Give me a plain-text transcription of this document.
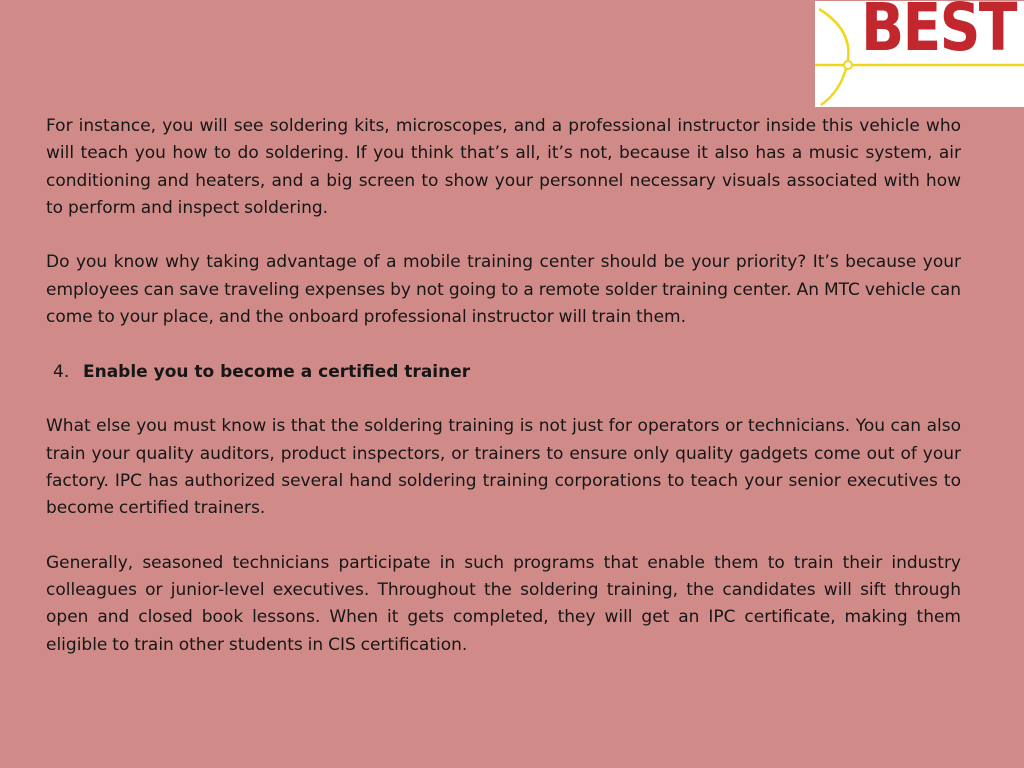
BEST

For instance, you will see soldering kits, microscopes, and a professional instructor inside this vehicle who will teach you how to do soldering. If you think that’s all, it’s not, because it also has a music system, air conditioning and heaters, and a big screen to show your personnel necessary visuals associated with how to perform and inspect soldering.

Do you know why taking advantage of a mobile training center should be your priority? It’s because your employees can save traveling expenses by not going to a remote solder training center. An MTC vehicle can come to your place, and the onboard professional instructor will train them.

4. Enable you to become a certified trainer

What else you must know is that the soldering training is not just for operators or technicians. You can also train your quality auditors, product inspectors, or trainers to ensure only quality gadgets come out of your factory. IPC has authorized several hand soldering training corporations to teach your senior executives to become certified trainers.

Generally, seasoned technicians participate in such programs that enable them to train their industry colleagues or junior-level executives. Throughout the soldering training, the candidates will sift through open and closed book lessons. When it gets completed, they will get an IPC certificate, making them eligible to train other students in CIS certification.
